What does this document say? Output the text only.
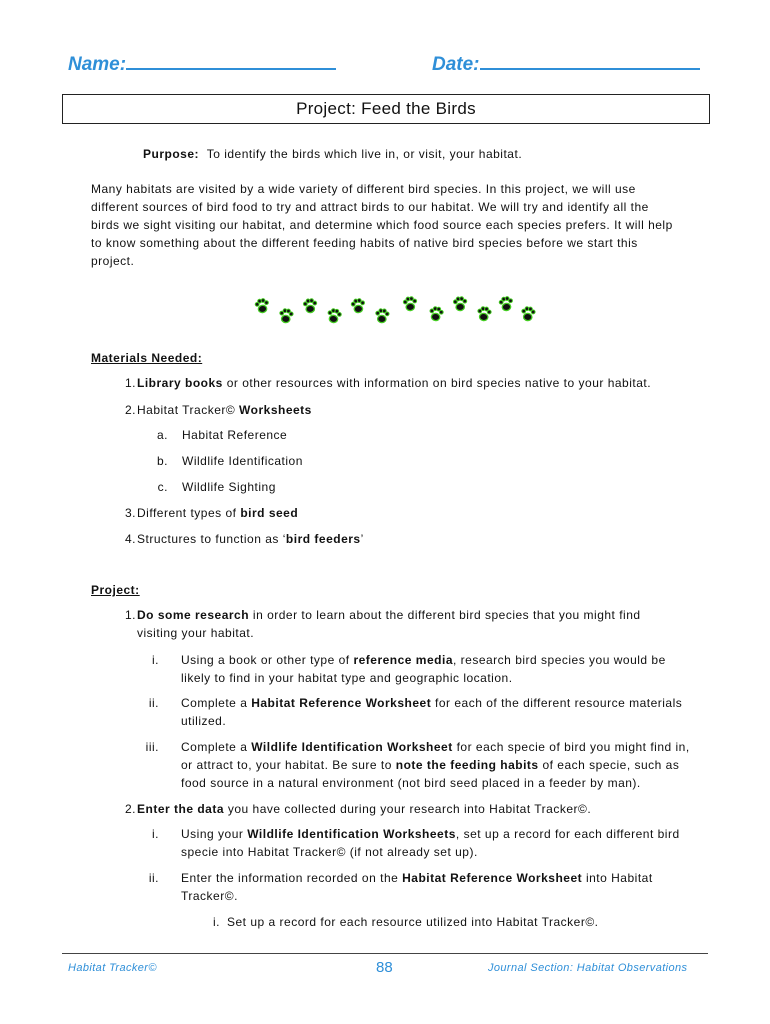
Name:	Date:
Project: Feed the Birds
Purpose: To identify the birds which live in, or visit, your habitat.
Many habitats are visited by a wide variety of different bird species. In this project, we will use
different sources of bird food to try and attract birds to our habitat. We will try and identify all the
birds we sight visiting our habitat, and determine which food source each species prefers. It will help
to know something about the different feeding habits of native bird species before we start this
project.
Materials Needed:
1. Library books or other resources with information on bird species native to your habitat.
2. Habitat Tracker© Worksheets
a. Habitat Reference
b. Wildlife Identification
c. Wildlife Sighting
3. Different types of bird seed
4. Structures to function as ‘bird feeders’
Project:
1. Do some research in order to learn about the different bird species that you might find
visiting your habitat.
i. Using a book or other type of reference media, research bird species you would be
likely to find in your habitat type and geographic location.
ii. Complete a Habitat Reference Worksheet for each of the different resource materials
utilized.
iii. Complete a Wildlife Identification Worksheet for each specie of bird you might find in,
or attract to, your habitat. Be sure to note the feeding habits of each specie, such as
food source in a natural environment (not bird seed placed in a feeder by man).
2. Enter the data you have collected during your research into Habitat Tracker©.
i. Using your Wildlife Identification Worksheets, set up a record for each different bird
specie into Habitat Tracker© (if not already set up).
ii. Enter the information recorded on the Habitat Reference Worksheet into Habitat
Tracker©.
i. Set up a record for each resource utilized into Habitat Tracker©.
Habitat Tracker©	88	Journal Section: Habitat Observations
